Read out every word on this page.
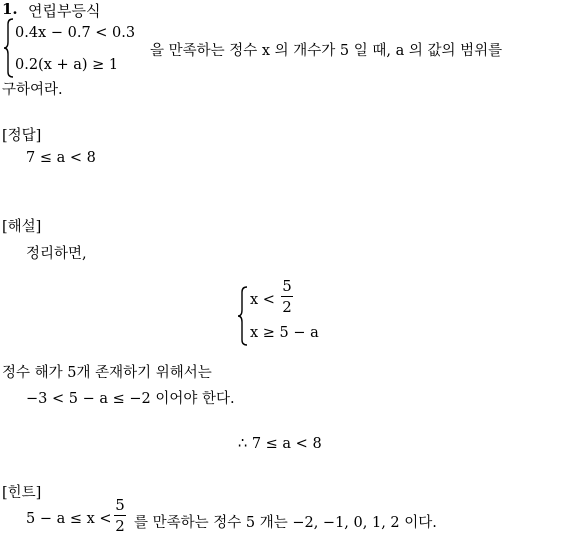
1. 연립부등식
0.4x − 0.7 < 0.3
0.2(x + a) ≥ 1
을 만족하는 정수 x 의 개수가 5 일 때, a 의 값의 범위를
구하여라.
[정답]
7 ≤ a < 8
[해설]
정리하면,
x <
5
2
x ≥ 5 − a
정수 해가 5개 존재하기 위해서는
−3 < 5 − a ≤ −2 이어야 한다.
∴ 7 ≤ a < 8
[힌트]
5 − a ≤ x <
5
2 를 만족하는 정수 5 개는 −2, −1, 0, 1, 2 이다.
